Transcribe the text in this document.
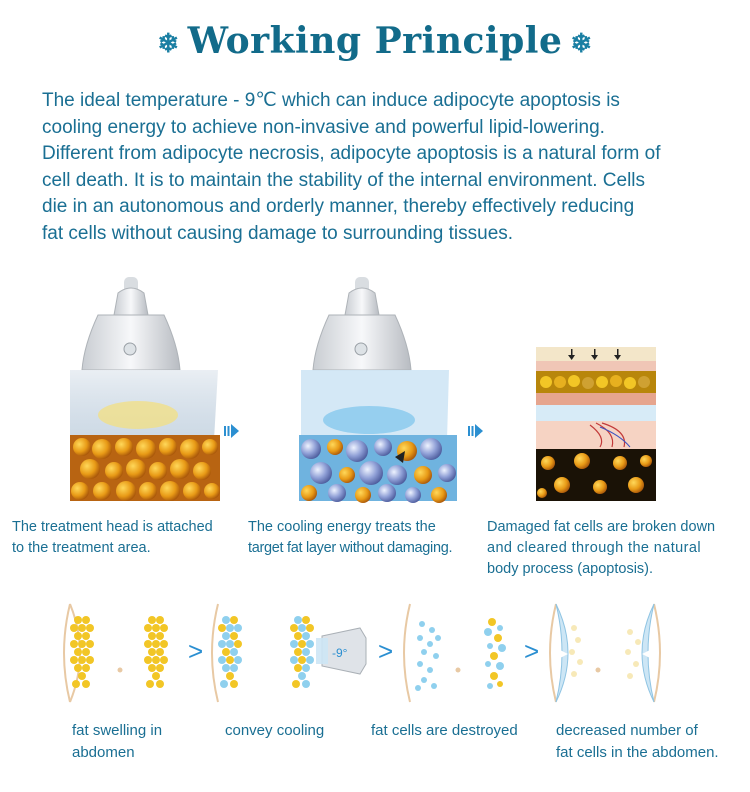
❄ Working Principle ❄

The ideal temperature - 9℃ which can induce adipocyte apoptosis is

cooling energy to achieve non-invasive and powerful lipid-lowering.

Different from adipocyte necrosis, adipocyte apoptosis is a natural form of

cell death. It is to maintain the stability of the internal environment. Cells

die in an autonomous and orderly manner, thereby effectively reducing

fat cells without causing damage to surrounding tissues.

The treatment head is attached
to the treatment area.
The cooling energy treats the
target fat layer without damaging.
Damaged fat cells are broken down
and cleared through the natural
body process (apoptosis).
>	-9° >	>
fat swelling in
abdomen
convey cooling	fat cells are destroyed	decreased number of
fat cells in the abdomen.
